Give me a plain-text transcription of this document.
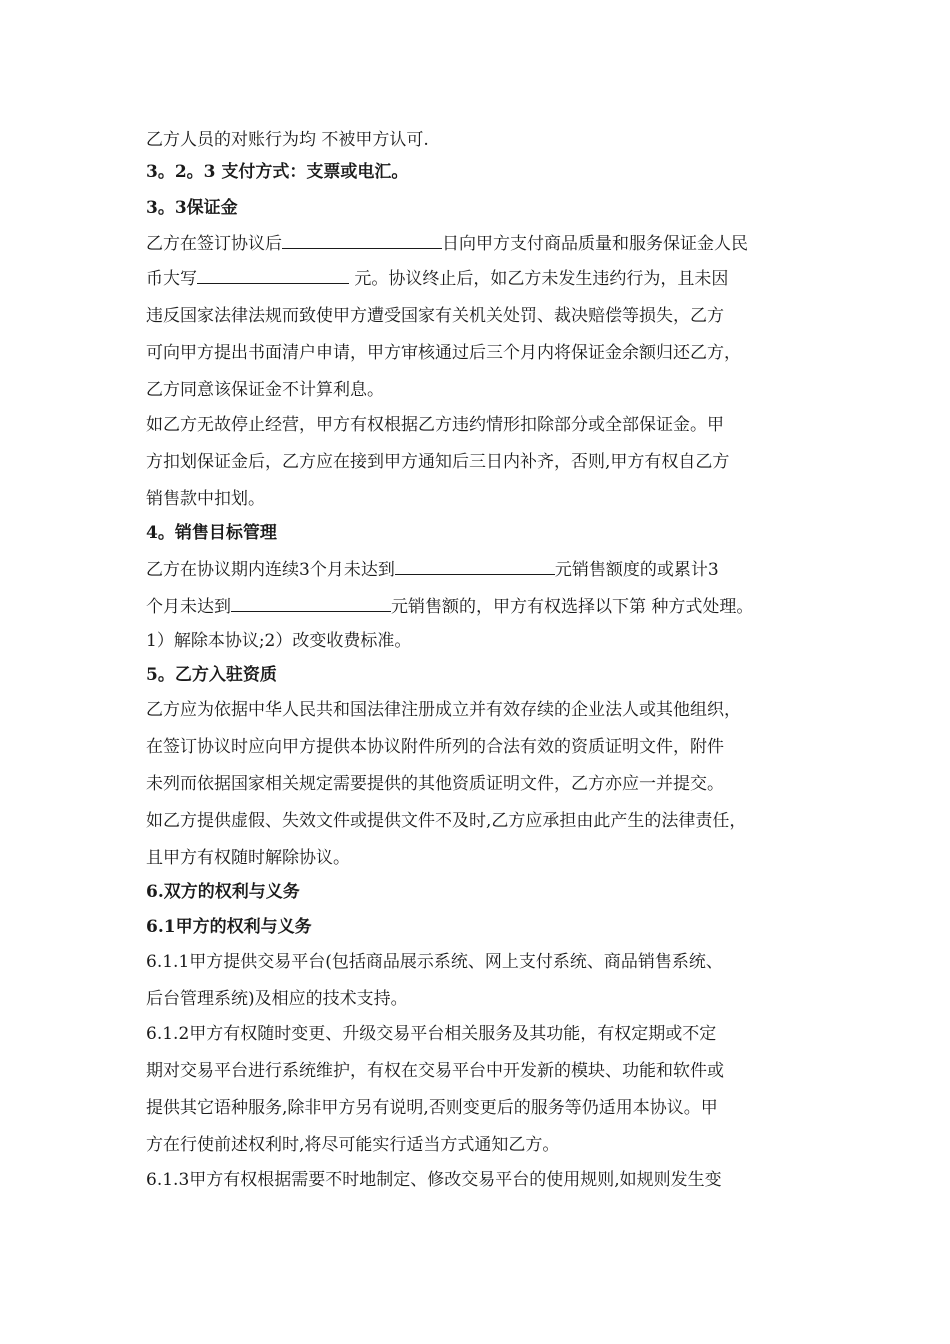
乙方人员的对账行为均 不被甲方认可.
3。2。3 支付方式：支票或电汇。
3。3保证金
乙方在签订协议后	日向甲方支付商品质量和服务保证金人民
币大写	元。协议终止后，如乙方未发生违约行为，且未因
违反国家法律法规而致使甲方遭受国家有关机关处罚、裁决赔偿等损失，乙方
可向甲方提出书面清户申请，甲方审核通过后三个月内将保证金余额归还乙方，
乙方同意该保证金不计算利息。
如乙方无故停止经营，甲方有权根据乙方违约情形扣除部分或全部保证金。甲
方扣划保证金后，乙方应在接到甲方通知后三日内补齐，否则,甲方有权自乙方
销售款中扣划。
4。销售目标管理
乙方在协议期内连续3个月未达到	元销售额度的或累计3
个月未达到	元销售额的，甲方有权选择以下第 种方式处理。
1）解除本协议;2）改变收费标准。
5。乙方入驻资质
乙方应为依据中华人民共和国法律注册成立并有效存续的企业法人或其他组织，
在签订协议时应向甲方提供本协议附件所列的合法有效的资质证明文件，附件
未列而依据国家相关规定需要提供的其他资质证明文件，乙方亦应一并提交。
如乙方提供虚假、失效文件或提供文件不及时,乙方应承担由此产生的法律责任，
且甲方有权随时解除协议。
6.双方的权利与义务
6.1甲方的权利与义务
6.1.1甲方提供交易平台(包括商品展示系统、网上支付系统、商品销售系统、
后台管理系统)及相应的技术支持。
6.1.2甲方有权随时变更、升级交易平台相关服务及其功能，有权定期或不定
期对交易平台进行系统维护，有权在交易平台中开发新的模块、功能和软件或
提供其它语种服务,除非甲方另有说明,否则变更后的服务等仍适用本协议。甲
方在行使前述权利时,将尽可能实行适当方式通知乙方。
6.1.3甲方有权根据需要不时地制定、修改交易平台的使用规则,如规则发生变
